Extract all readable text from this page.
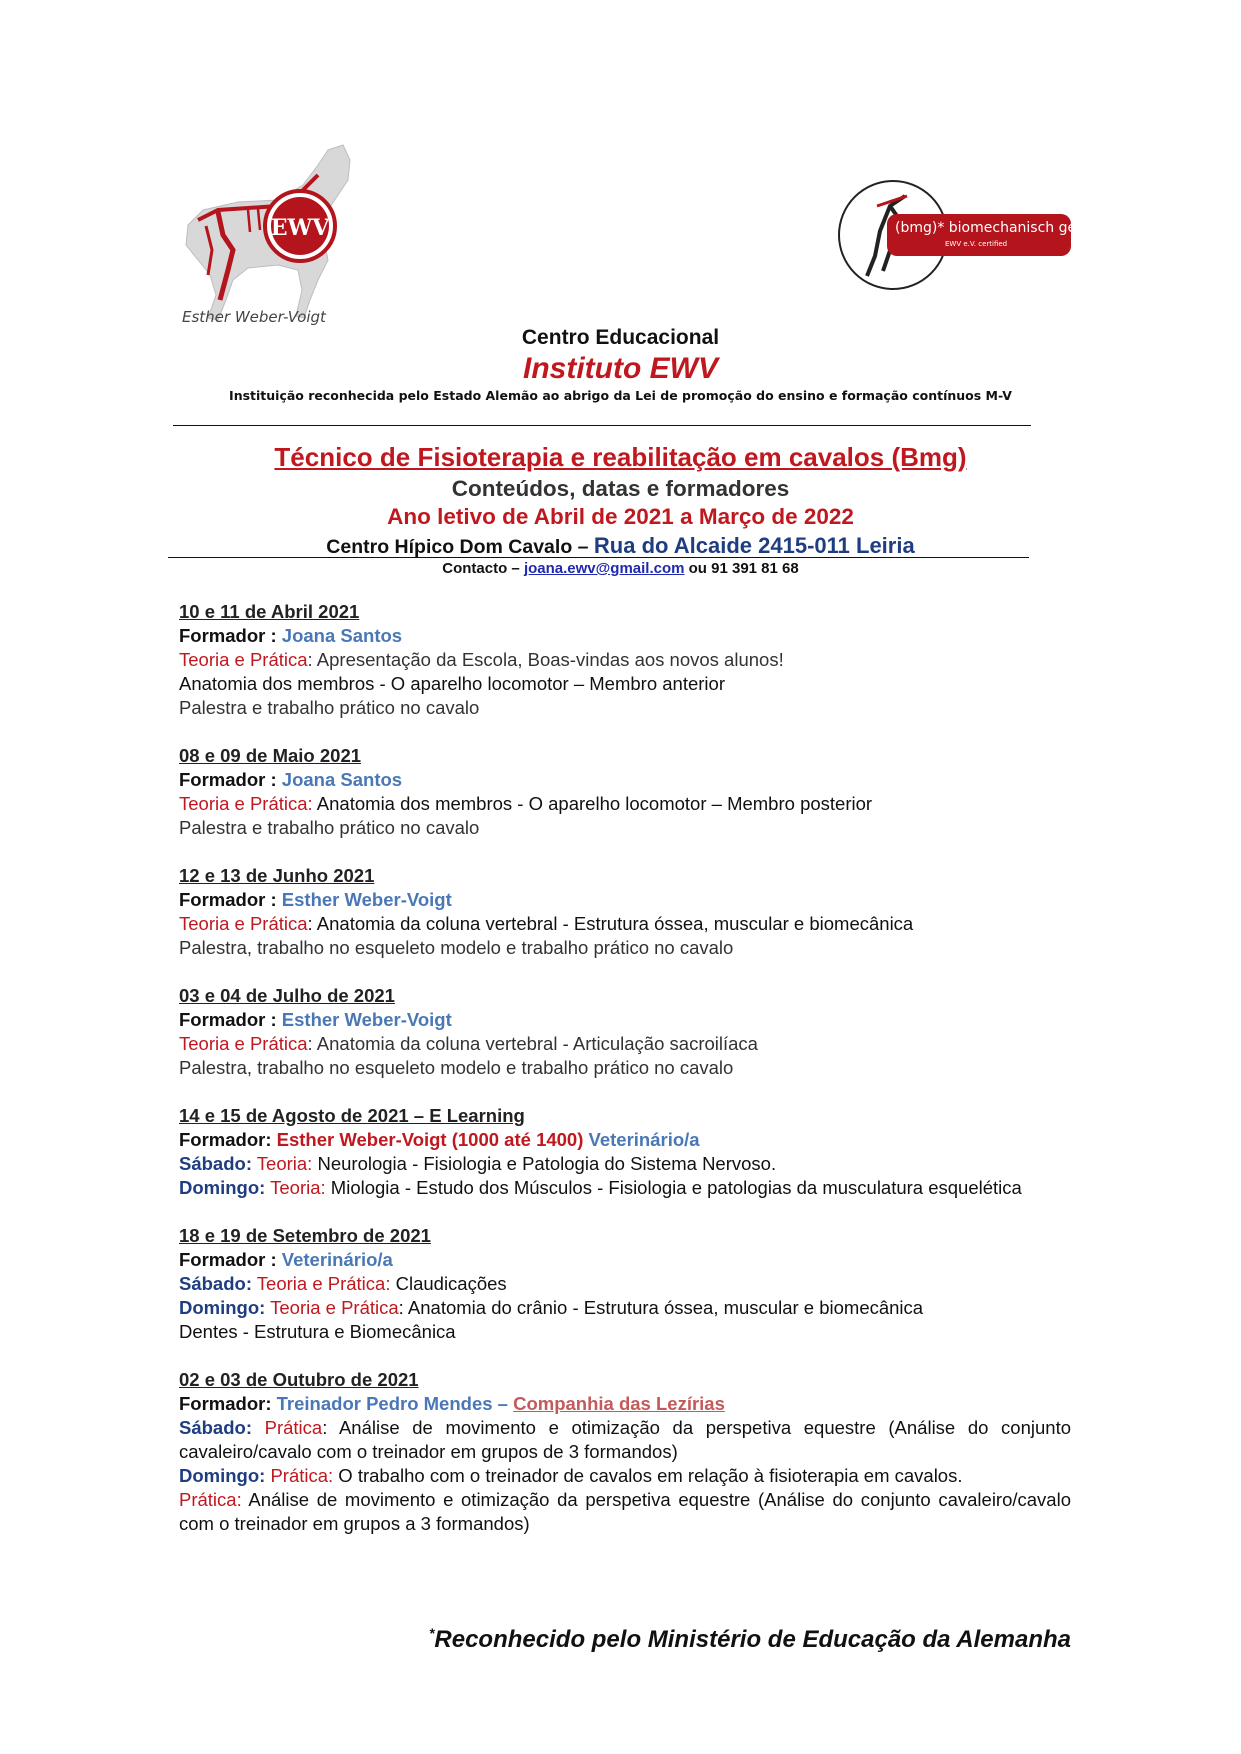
EWV
Esther Weber-Voigt
(bmg)* biomechanisch geschult
EWV e.V. certified
Centro Educacional
Instituto EWV
Instituição reconhecida pelo Estado Alemão ao abrigo da Lei de promoção do ensino e formação contínuos M-V
Técnico de Fisioterapia e reabilitação em cavalos (Bmg)
Conteúdos, datas e formadores
Ano letivo de Abril de 2021 a Março de 2022
Centro Hípico Dom Cavalo – Rua do Alcaide 2415-011 Leiria
Contacto – joana.ewv@gmail.com ou 91 391 81 68
10 e 11 de Abril 2021
Formador : Joana Santos
Teoria e Prática: Apresentação da Escola, Boas-vindas aos novos alunos!
Anatomia dos membros - O aparelho locomotor – Membro anterior
Palestra e trabalho prático no cavalo
08 e 09 de Maio 2021
Formador : Joana Santos
Teoria e Prática: Anatomia dos membros - O aparelho locomotor – Membro posterior
Palestra e trabalho prático no cavalo
12 e 13 de Junho 2021
Formador : Esther Weber-Voigt
Teoria e Prática: Anatomia da coluna vertebral - Estrutura óssea, muscular e biomecânica
Palestra, trabalho no esqueleto modelo e trabalho prático no cavalo
03 e 04 de Julho de 2021
Formador : Esther Weber-Voigt
Teoria e Prática: Anatomia da coluna vertebral - Articulação sacroilíaca
Palestra, trabalho no esqueleto modelo e trabalho prático no cavalo
14 e 15 de Agosto de 2021 – E Learning
Formador: Esther Weber-Voigt (1000 até 1400) Veterinário/a
Sábado: Teoria: Neurologia - Fisiologia e Patologia do Sistema Nervoso.
Domingo: Teoria: Miologia - Estudo dos Músculos - Fisiologia e patologias da musculatura esquelética
18 e 19 de Setembro de 2021
Formador : Veterinário/a
Sábado: Teoria e Prática: Claudicações
Domingo: Teoria e Prática: Anatomia do crânio - Estrutura óssea, muscular e biomecânica
Dentes - Estrutura e Biomecânica
02 e 03 de Outubro de 2021
Formador: Treinador Pedro Mendes – Companhia das Lezírias
Sábado: Prática: Análise de movimento e otimização da perspetiva equestre (Análise do conjunto cavaleiro/cavalo com o treinador em grupos de 3 formandos)
Domingo: Prática: O trabalho com o treinador de cavalos em relação à fisioterapia em cavalos.
Prática: Análise de movimento e otimização da perspetiva equestre (Análise do conjunto cavaleiro/cavalo com o treinador em grupos a 3 formandos)
*Reconhecido pelo Ministério de Educação da Alemanha
